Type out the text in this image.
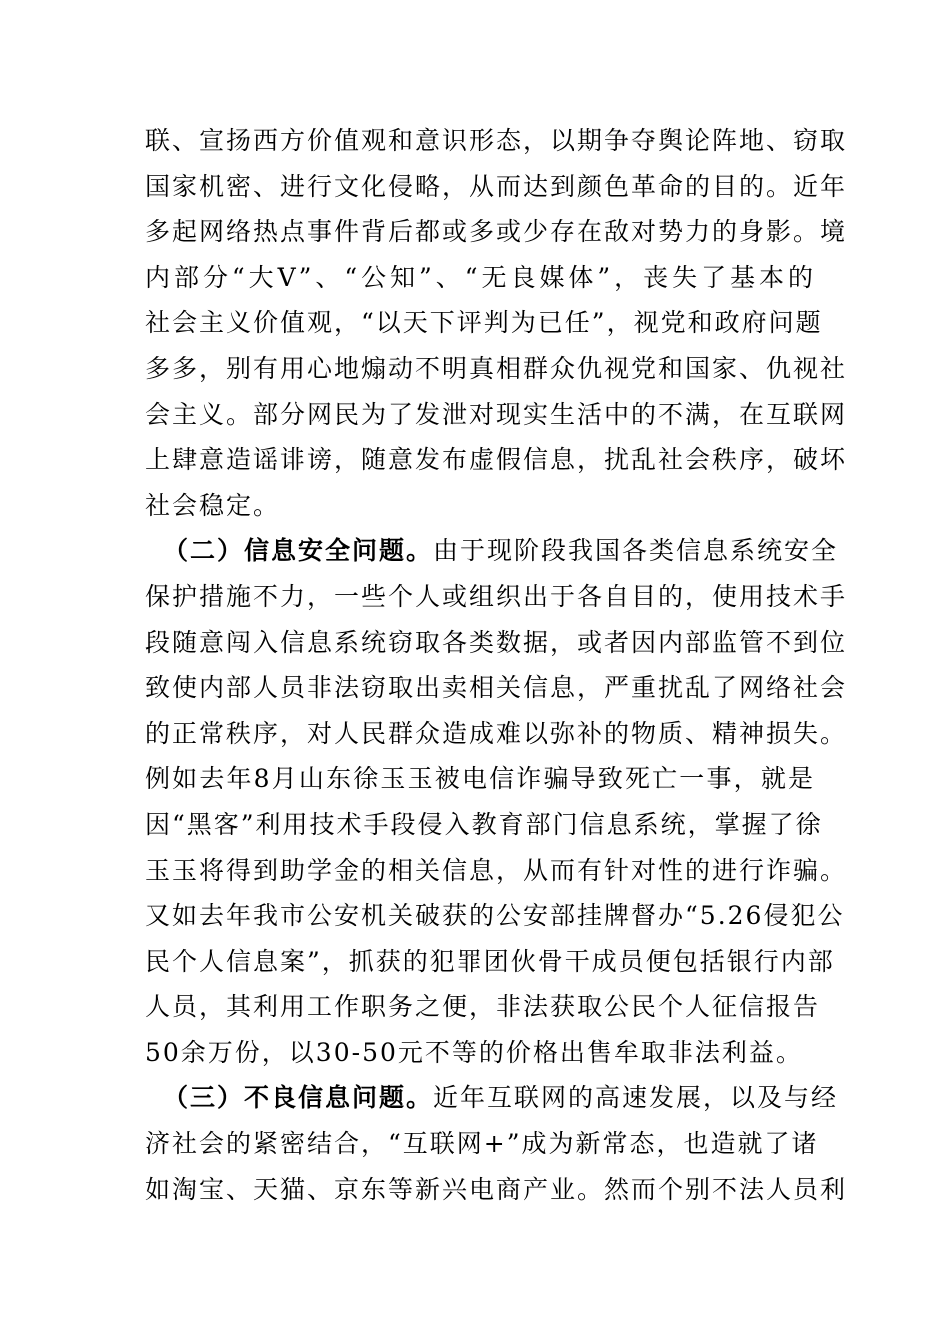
联、宣扬西方价值观和意识形态，以期争夺舆论阵地、窃取
国家机密、进行文化侵略，从而达到颜色革命的目的。近年
多起网络热点事件背后都或多或少存在敌对势力的身影。境
内部分“大V”、“公知”、“无良媒体”，丧失了基本的
社会主义价值观，“以天下评判为已任”，视党和政府问题
多多，别有用心地煽动不明真相群众仇视党和国家、仇视社
会主义。部分网民为了发泄对现实生活中的不满，在互联网
上肆意造谣诽谤，随意发布虚假信息，扰乱社会秩序，破坏
社会稳定。
（二）信息安全问题。由于现阶段我国各类信息系统安全
保护措施不力，一些个人或组织出于各自目的，使用技术手
段随意闯入信息系统窃取各类数据，或者因内部监管不到位
致使内部人员非法窃取出卖相关信息，严重扰乱了网络社会
的正常秩序，对人民群众造成难以弥补的物质、精神损失。
例如去年8月山东徐玉玉被电信诈骗导致死亡一事，就是
因“黑客”利用技术手段侵入教育部门信息系统，掌握了徐
玉玉将得到助学金的相关信息，从而有针对性的进行诈骗。
又如去年我市公安机关破获的公安部挂牌督办“5.26侵犯公
民个人信息案”，抓获的犯罪团伙骨干成员便包括银行内部
人员，其利用工作职务之便，非法获取公民个人征信报告
50余万份，以30-50元不等的价格出售牟取非法利益。
（三）不良信息问题。近年互联网的高速发展，以及与经
济社会的紧密结合，“互联网+”成为新常态，也造就了诸
如淘宝、天猫、京东等新兴电商产业。然而个别不法人员利
